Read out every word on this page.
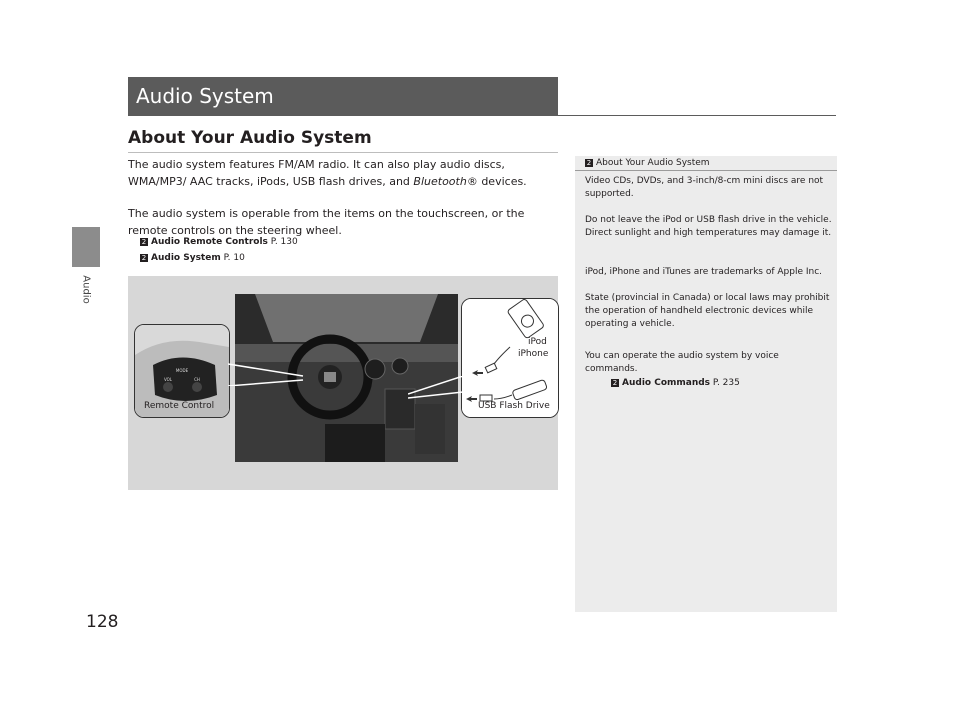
Audio
128
Audio System
About Your Audio System
The audio system features FM/AM radio. It can also play audio discs, WMA/MP3/ AAC tracks, iPods, USB flash drives, and Bluetooth® devices.
The audio system is operable from the items on the touchscreen, or the remote controls on the steering wheel.
2 Audio Remote Controls P. 130
2 Audio System P. 10
MODE
VOL	CH
Remote Control
iPod
iPhone
USB Flash Drive
2 About Your Audio System
Video CDs, DVDs, and 3-inch/8-cm mini discs are not supported.
Do not leave the iPod or USB flash drive in the vehicle. Direct sunlight and high temperatures may damage it.
iPod, iPhone and iTunes are trademarks of Apple Inc.
State (provincial in Canada) or local laws may prohibit the operation of handheld electronic devices while operating a vehicle.
You can operate the audio system by voice commands.
2 Audio Commands P. 235
